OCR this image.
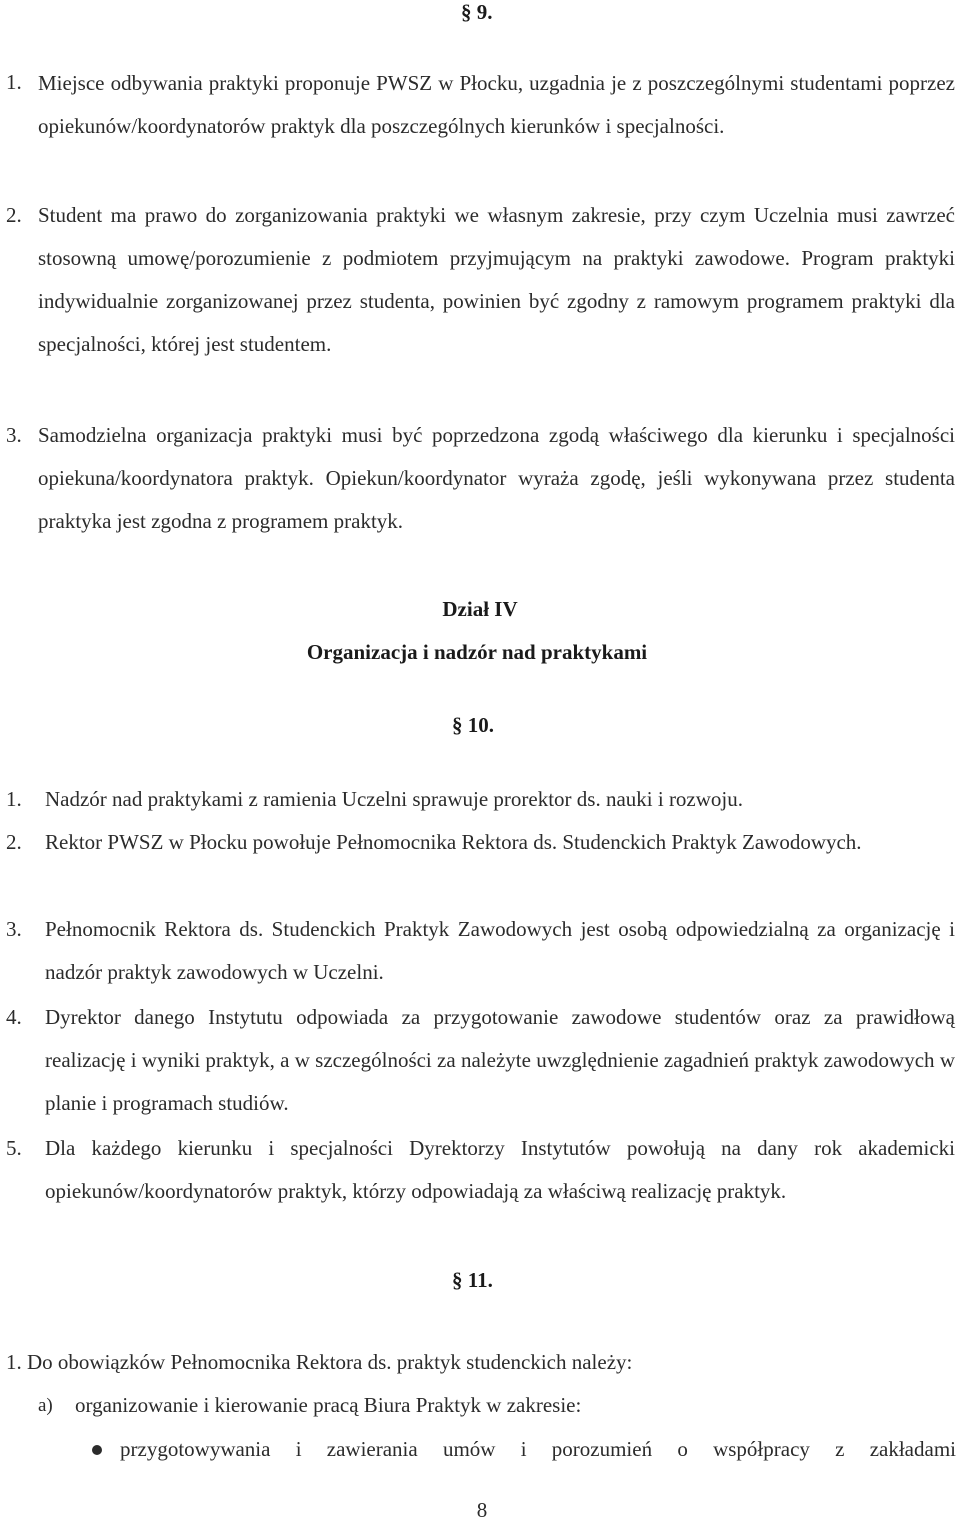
§ 9.
1. Miejsce odbywania praktyki proponuje PWSZ w Płocku, uzgadnia je z poszczególnymi studentami poprzez opiekunów/koordynatorów praktyk dla poszczególnych kierunków i specjalności.
2. Student ma prawo do zorganizowania praktyki we własnym zakresie, przy czym Uczelnia musi zawrzeć stosowną umowę/porozumienie z podmiotem przyjmującym na praktyki zawodowe. Program praktyki indywidualnie zorganizowanej przez studenta, powinien być zgodny z ramowym programem praktyki dla specjalności, której jest studentem.
3. Samodzielna organizacja praktyki musi być poprzedzona zgodą właściwego dla kierunku i specjalności opiekuna/koordynatora praktyk. Opiekun/koordynator wyraża zgodę, jeśli wykonywana przez studenta praktyka jest zgodna z programem praktyk.
Dział IV
Organizacja i nadzór nad praktykami
§ 10.
1. Nadzór nad praktykami z ramienia Uczelni sprawuje prorektor ds. nauki i rozwoju.
2. Rektor PWSZ w Płocku powołuje Pełnomocnika Rektora ds. Studenckich Praktyk Zawodowych.
3. Pełnomocnik Rektora ds. Studenckich Praktyk Zawodowych jest osobą odpowiedzialną za organizację i nadzór praktyk zawodowych w Uczelni.
4. Dyrektor danego Instytutu odpowiada za przygotowanie zawodowe studentów oraz za prawidłową realizację i wyniki praktyk, a w szczególności za należyte uwzględnienie zagadnień praktyk zawodowych w planie i programach studiów.
5. Dla każdego kierunku i specjalności Dyrektorzy Instytutów powołują na dany rok akademicki opiekunów/koordynatorów praktyk, którzy odpowiadają za właściwą realizację praktyk.
§ 11.
1. Do obowiązków Pełnomocnika Rektora ds. praktyk studenckich należy:
a) organizowanie i kierowanie pracą Biura Praktyk w zakresie:
przygotowywania i zawierania umów i porozumień o współpracy z zakładami
8
